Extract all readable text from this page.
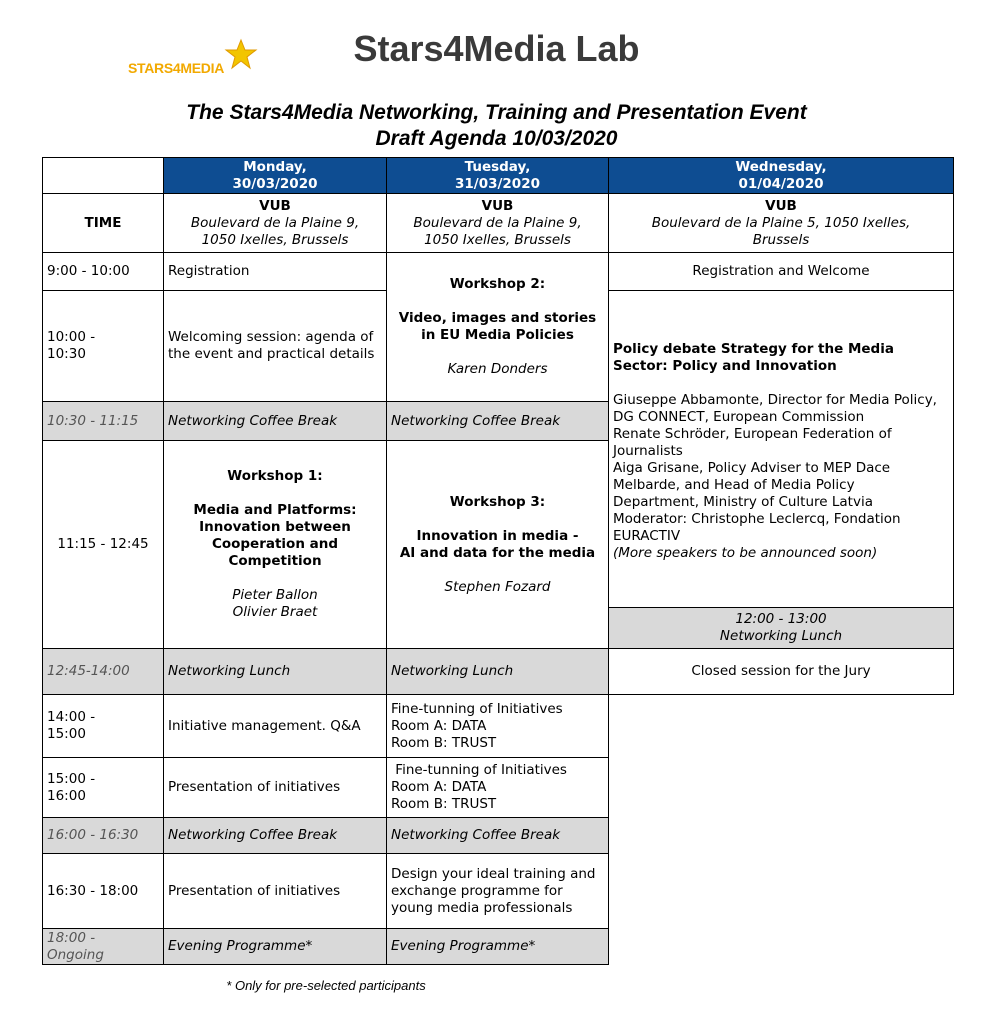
STARS4MEDIA	Stars4Media Lab
The Stars4Media Networking, Training and Presentation Event
Draft Agenda 10/03/2020
Monday,
30/03/2020
Tuesday,
31/03/2020
Wednesday,
01/04/2020
TIME
VUB
Boulevard de la Plaine 9,
1050 Ixelles, Brussels
VUB
Boulevard de la Plaine 9,
1050 Ixelles, Brussels
VUB
Boulevard de la Plaine 5, 1050 Ixelles,
Brussels
9:00 - 10:00
10:00 -
10:30
10:30 - 11:15
11:15 - 12:45
12:45-14:00
14:00 -
15:00
15:00 -
16:00
16:00 - 16:30
16:30 - 18:00
18:00 -
Ongoing
Registration
Welcoming session: agenda of
the event and practical details
Networking Coffee Break
Workshop 1:
Media and Platforms:
Innovation between
Cooperation and
Competition
Pieter Ballon
Olivier Braet
Networking Lunch
Initiative management. Q&A
Presentation of initiatives
Networking Coffee Break
Presentation of initiatives
Evening Programme*
Workshop 2:
Video, images and stories
in EU Media Policies
Karen Donders
Networking Coffee Break
Workshop 3:
Innovation in media -
AI and data for the media
Stephen Fozard
Networking Lunch
Fine-tunning of Initiatives
Room A: DATA
Room B: TRUST
Fine-tunning of Initiatives
Room A: DATA
Room B: TRUST
Networking Coffee Break
Design your ideal training and
exchange programme for
young media professionals
Evening Programme*
Registration and Welcome
Policy debate Strategy for the Media
Sector: Policy and Innovation
Giuseppe Abbamonte, Director for Media Policy,
DG CONNECT, European Commission
Renate Schröder, European Federation of
Journalists
Aiga Grisane, Policy Adviser to MEP Dace
Melbarde, and Head of Media Policy
Department, Ministry of Culture Latvia
Moderator: Christophe Leclercq, Fondation
EURACTIV
(More speakers to be announced soon)
12:00 - 13:00
Networking Lunch
Closed session for the Jury
* Only for pre-selected participants
